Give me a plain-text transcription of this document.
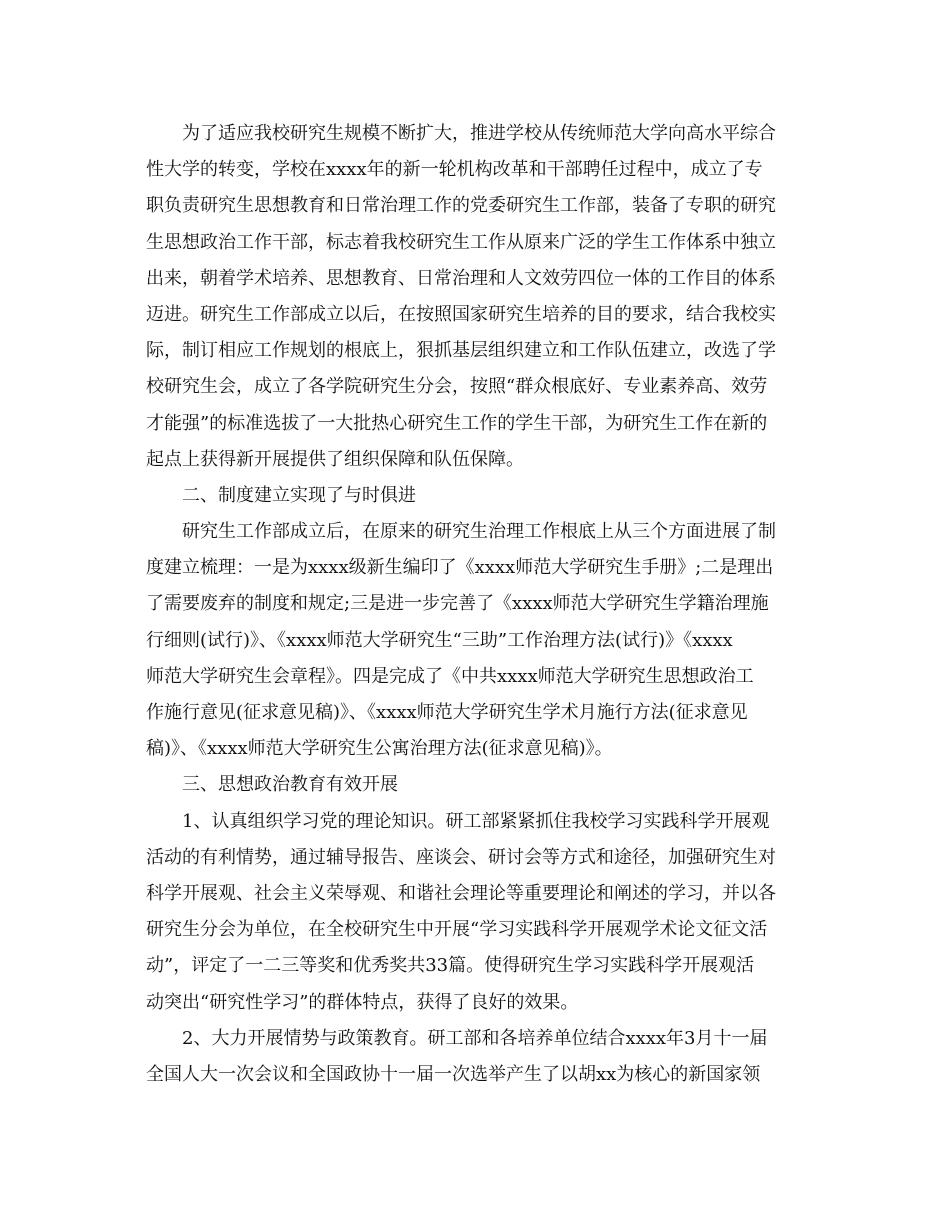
为了适应我校研究生规模不断扩大，推进学校从传统师范大学向高水平综合
性大学的转变，学校在xxxx年的新一轮机构改革和干部聘任过程中，成立了专
职负责研究生思想教育和日常治理工作的党委研究生工作部，装备了专职的研究
生思想政治工作干部，标志着我校研究生工作从原来广泛的学生工作体系中独立
出来，朝着学术培养、思想教育、日常治理和人文效劳四位一体的工作目的体系
迈进。研究生工作部成立以后，在按照国家研究生培养的目的要求，结合我校实
际，制订相应工作规划的根底上，狠抓基层组织建立和工作队伍建立，改选了学
校研究生会，成立了各学院研究生分会，按照“群众根底好、专业素养高、效劳
才能强”的标准选拔了一大批热心研究生工作的学生干部，为研究生工作在新的
起点上获得新开展提供了组织保障和队伍保障。
二、制度建立实现了与时俱进
研究生工作部成立后，在原来的研究生治理工作根底上从三个方面进展了制
度建立梳理：一是为xxxx级新生编印了《xxxx师范大学研究生手册》;二是理出
了需要废弃的制度和规定;三是进一步完善了《xxxx师范大学研究生学籍治理施
行细则(试行)》、《xxxx师范大学研究生“三助”工作治理方法(试行)》《xxxx
师范大学研究生会章程》。四是完成了《中共xxxx师范大学研究生思想政治工
作施行意见(征求意见稿)》、《xxxx师范大学研究生学术月施行方法(征求意见
稿)》、《xxxx师范大学研究生公寓治理方法(征求意见稿)》。
三、思想政治教育有效开展
1、认真组织学习党的理论知识。研工部紧紧抓住我校学习实践科学开展观
活动的有利情势，通过辅导报告、座谈会、研讨会等方式和途径，加强研究生对
科学开展观、社会主义荣辱观、和谐社会理论等重要理论和阐述的学习，并以各
研究生分会为单位，在全校研究生中开展“学习实践科学开展观学术论文征文活
动”，评定了一二三等奖和优秀奖共33篇。使得研究生学习实践科学开展观活
动突出“研究性学习”的群体特点，获得了良好的效果。
2、大力开展情势与政策教育。研工部和各培养单位结合xxxx年3月十一届
全国人大一次会议和全国政协十一届一次选举产生了以胡xx为核心的新国家领
